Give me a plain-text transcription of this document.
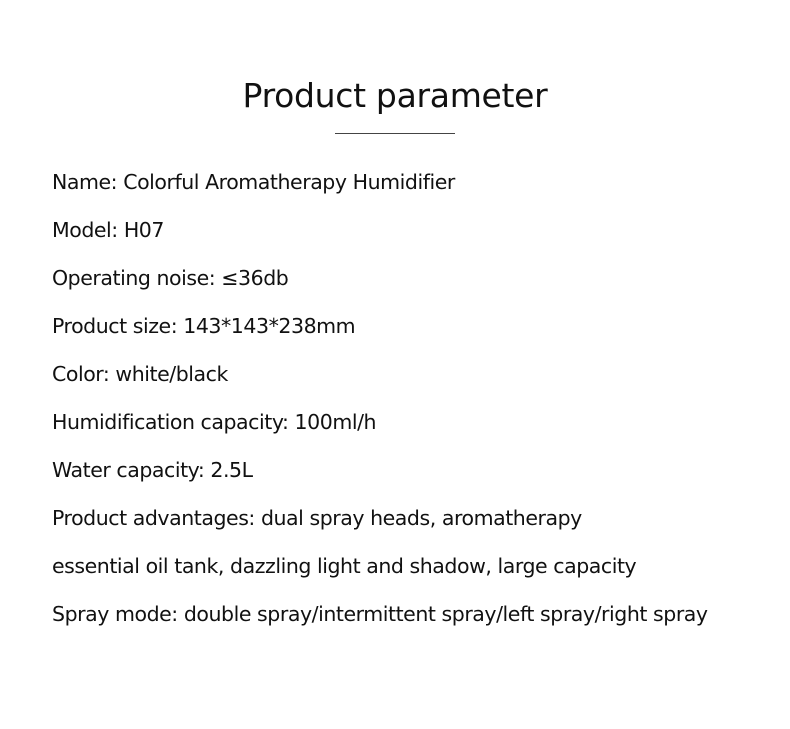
Product parameter
Name: Colorful Aromatherapy Humidifier
Model: H07
Operating noise: ≤36db
Product size: 143*143*238mm
Color: white/black
Humidification capacity: 100ml/h
Water capacity: 2.5L
Product advantages: dual spray heads, aromatherapy
essential oil tank, dazzling light and shadow, large capacity
Spray mode: double spray/intermittent spray/left spray/right spray
